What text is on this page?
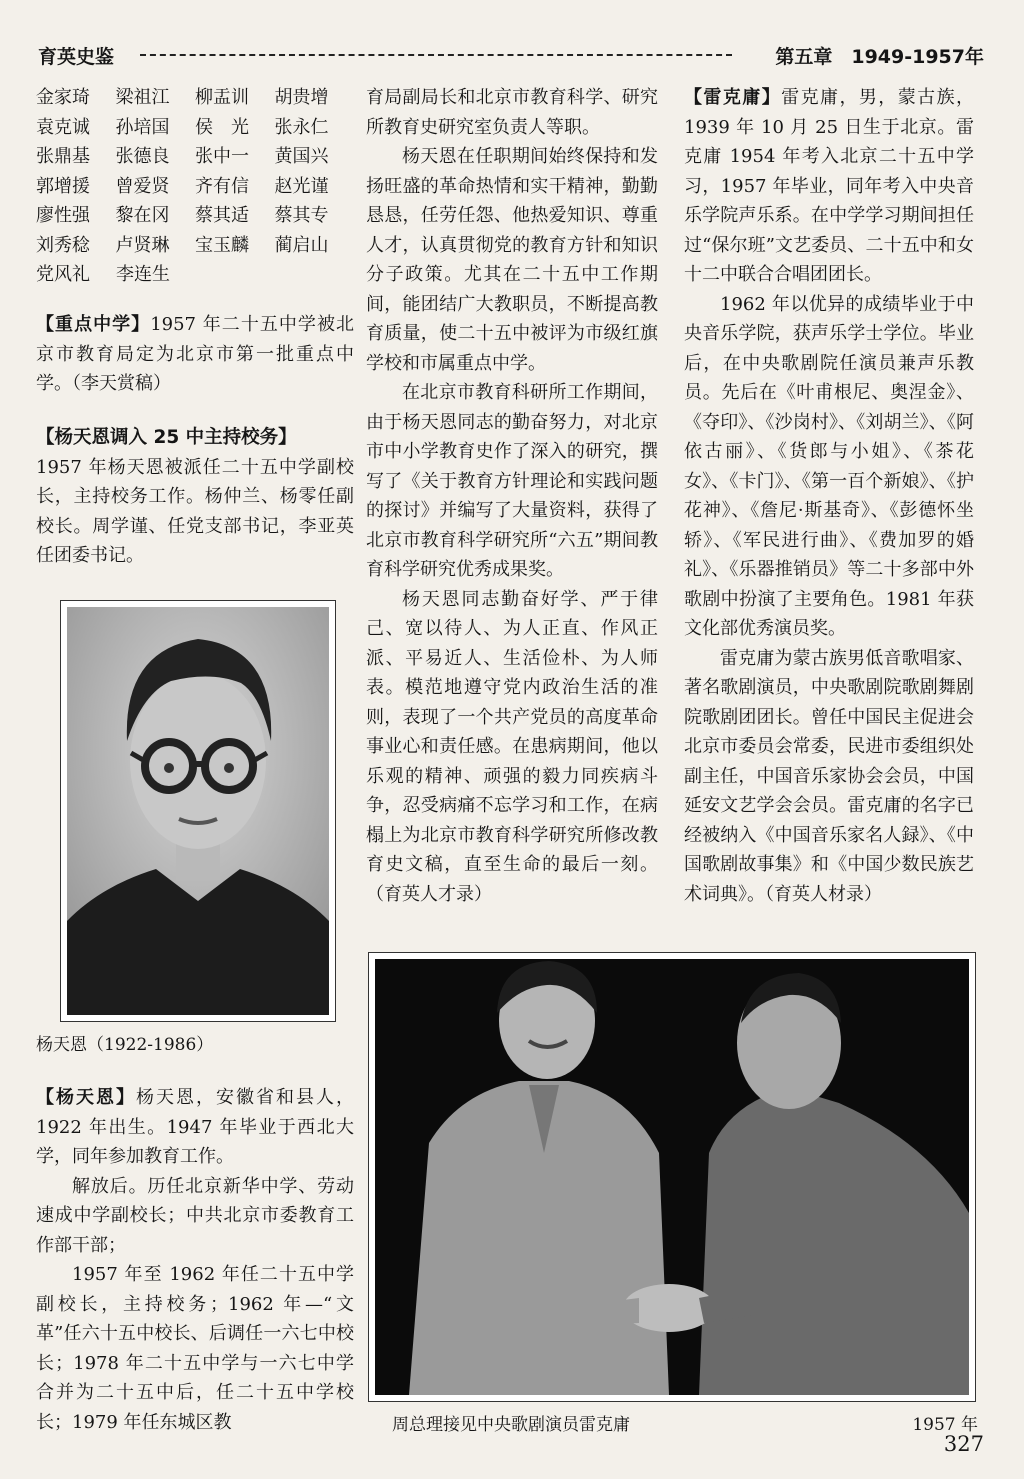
育英史鉴	第五章　1949-1957年
金家琦	梁祖江	柳盂训	胡贵增
袁克诚	孙培国	侯　光	张永仁
张鼎基	张德良	张中一	黄国兴
郭增援	曾爱贤	齐有信	赵光谨
廖性强	黎在冈	蔡其适	蔡其专
刘秀稔	卢贤琳	宝玉麟	蔺启山
党风礼	李连生

【重点中学】1957 年二十五中学被北京市教育局定为北京市第一批重点中学。（李天赏稿）

【杨天恩调入 25 中主持校务】

1957 年杨天恩被派任二十五中学副校长，主持校务工作。杨仲兰、杨零任副校长。周学谨、任党支部书记，李亚英任团委书记。

杨天恩（1922-1986）

【杨天恩】杨天恩，安徽省和县人，1922 年出生。1947 年毕业于西北大学，同年参加教育工作。

解放后。历任北京新华中学、劳动速成中学副校长；中共北京市委教育工作部干部；

1957 年至 1962 年任二十五中学副校长，主持校务；1962 年—“文革”任六十五中校长、后调任一六七中校长；1978 年二十五中学与一六七中学合并为二十五中后，任二十五中学校长；1979 年任东城区教

育局副局长和北京市教育科学、研究所教育史研究室负责人等职。

杨天恩在任职期间始终保持和发扬旺盛的革命热情和实干精神，勤勤恳恳，任劳任怨、他热爱知识、尊重人才，认真贯彻党的教育方针和知识分子政策。尤其在二十五中工作期间，能团结广大教职员，不断提高教育质量，使二十五中被评为市级红旗学校和市属重点中学。

在北京市教育科研所工作期间，由于杨天恩同志的勤奋努力，对北京市中小学教育史作了深入的研究，撰写了《关于教育方针理论和实践问题的探讨》并编写了大量资料，获得了北京市教育科学研究所“六五”期间教育科学研究优秀成果奖。

杨天恩同志勤奋好学、严于律己、宽以待人、为人正直、作风正派、平易近人、生活俭朴、为人师表。模范地遵守党内政治生活的准则，表现了一个共产党员的高度革命事业心和责任感。在患病期间，他以乐观的精神、顽强的毅力同疾病斗争，忍受病痛不忘学习和工作，在病榻上为北京市教育科学研究所修改教育史文稿，直至生命的最后一刻。（育英人才录）

【雷克庸】雷克庸，男，蒙古族，1939 年 10 月 25 日生于北京。雷克庸 1954 年考入北京二十五中学习，1957 年毕业，同年考入中央音乐学院声乐系。在中学学习期间担任过“保尔班”文艺委员、二十五中和女十二中联合合唱团团长。

1962 年以优异的成绩毕业于中央音乐学院，获声乐学士学位。毕业后，在中央歌剧院任演员兼声乐教员。先后在《叶甫根尼、奥涅金》、《夺印》、《沙岗村》、《刘胡兰》、《阿依古丽》、《货郎与小姐》、《茶花女》、《卡门》、《第一百个新娘》、《护花神》、《詹尼·斯基奇》、《彭德怀坐轿》、《军民进行曲》、《费加罗的婚礼》、《乐器推销员》等二十多部中外歌剧中扮演了主要角色。1981 年获文化部优秀演员奖。

雷克庸为蒙古族男低音歌唱家、著名歌剧演员，中央歌剧院歌剧舞剧院歌剧团团长。曾任中国民主促进会北京市委员会常委，民进市委组织处副主任，中国音乐家协会会员，中国延安文艺学会会员。雷克庸的名字已经被纳入《中国音乐家名人録》、《中国歌剧故事集》和《中国少数民族艺术词典》。（育英人材录）

周总理接见中央歌剧演员雷克庸	1957 年
327
